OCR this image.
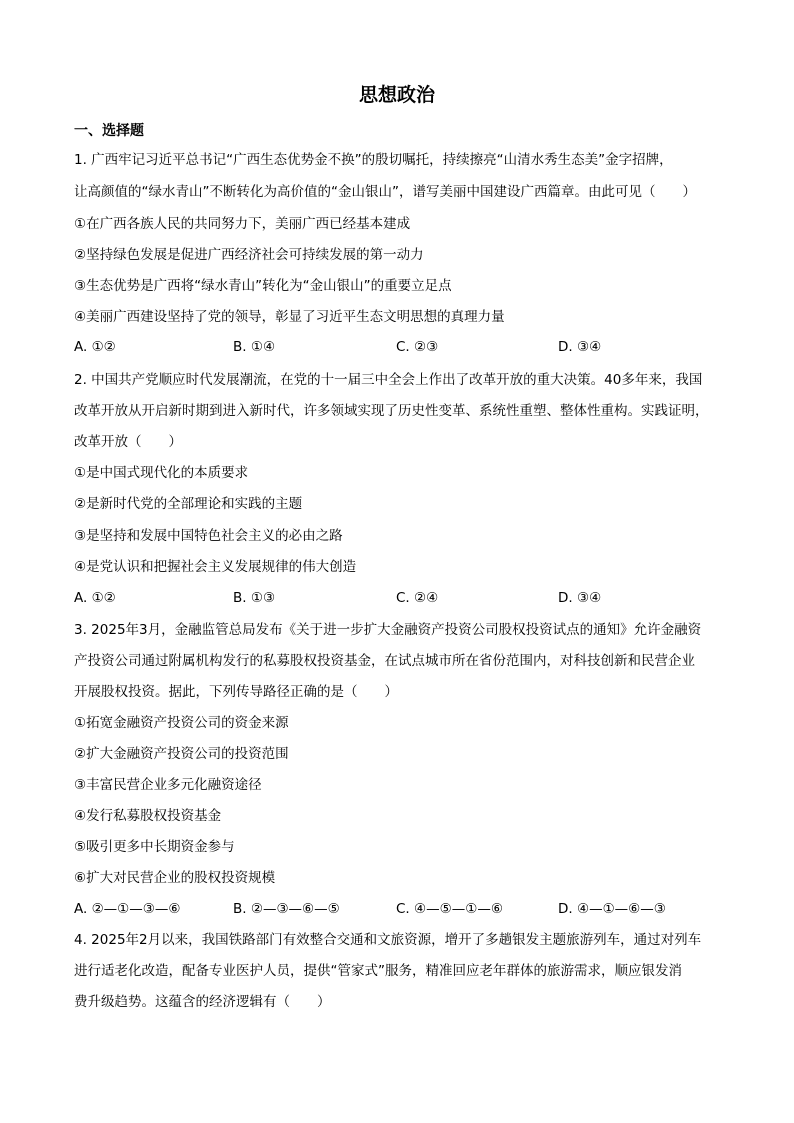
思想政治
一、选择题
1. 广西牢记习近平总书记“广西生态优势金不换”的殷切嘱托，持续擦亮“山清水秀生态美”金字招牌，
让高颜值的“绿水青山”不断转化为高价值的“金山银山”，谱写美丽中国建设广西篇章。由此可见（　　）
①在广西各族人民的共同努力下，美丽广西已经基本建成
②坚持绿色发展是促进广西经济社会可持续发展的第一动力
③生态优势是广西将“绿水青山”转化为“金山银山”的重要立足点
④美丽广西建设坚持了党的领导，彰显了习近平生态文明思想的真理力量
A. ①②	B. ①④	C. ②③	D. ③④
2. 中国共产党顺应时代发展潮流，在党的十一届三中全会上作出了改革开放的重大决策。40多年来，我国
改革开放从开启新时期到进入新时代，许多领域实现了历史性变革、系统性重塑、整体性重构。实践证明，
改革开放（　　）
①是中国式现代化的本质要求
②是新时代党的全部理论和实践的主题
③是坚持和发展中国特色社会主义的必由之路
④是党认识和把握社会主义发展规律的伟大创造
A. ①②	B. ①③	C. ②④	D. ③④
3. 2025年3月，金融监管总局发布《关于进一步扩大金融资产投资公司股权投资试点的通知》允许金融资
产投资公司通过附属机构发行的私募股权投资基金，在试点城市所在省份范围内，对科技创新和民营企业
开展股权投资。据此，下列传导路径正确的是（　　）
①拓宽金融资产投资公司的资金来源
②扩大金融资产投资公司的投资范围
③丰富民营企业多元化融资途径
④发行私募股权投资基金
⑤吸引更多中长期资金参与
⑥扩大对民营企业的股权投资规模
A. ②—①—③—⑥	B. ②—③—⑥—⑤	C. ④—⑤—①—⑥	D. ④—①—⑥—③
4. 2025年2月以来，我国铁路部门有效整合交通和文旅资源，增开了多趟银发主题旅游列车，通过对列车
进行适老化改造，配备专业医护人员，提供“管家式”服务，精准回应老年群体的旅游需求，顺应银发消
费升级趋势。这蕴含的经济逻辑有（　　）
